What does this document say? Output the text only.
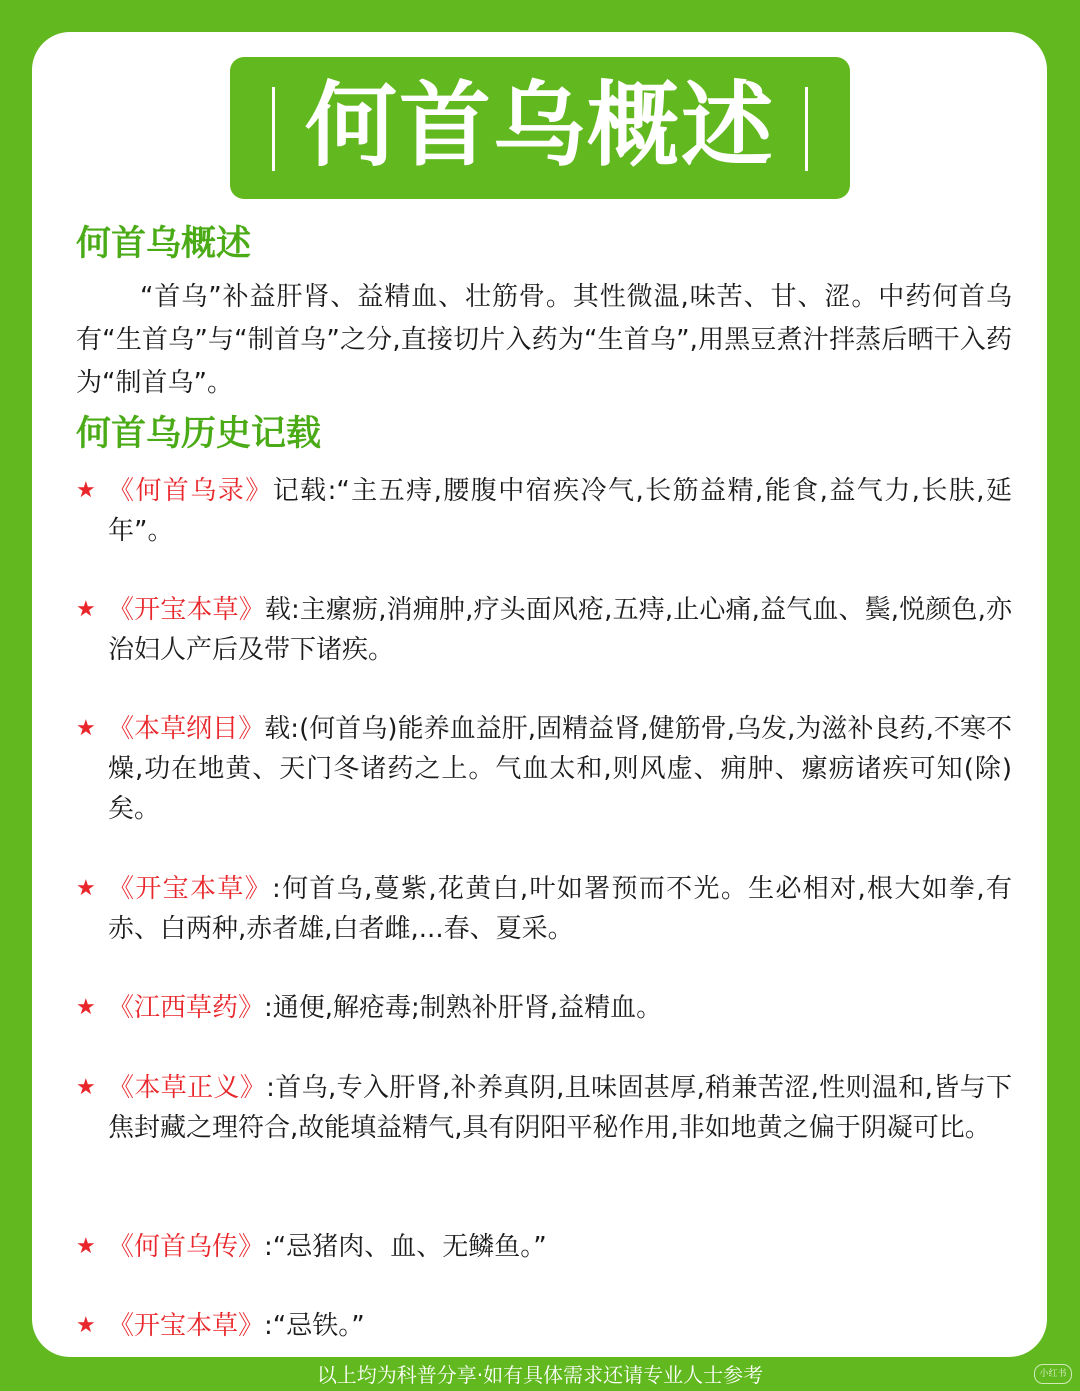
何首乌概述
何首乌概述
“首乌”补益肝肾、益精血、壮筋骨。其性微温,味苦、甘、涩。中药何首乌有“生首乌”与“制首乌”之分,直接切片入药为“生首乌”,用黑豆煮汁拌蒸后晒干入药为“制首乌”。
何首乌历史记载
★ 《何首乌录》记载:“主五痔,腰腹中宿疾冷气,长筋益精,能食,益气力,长肤,延年”。
★ 《开宝本草》载:主瘰疬,消痈肿,疗头面风疮,五痔,止心痛,益气血、鬓,悦颜色,亦治妇人产后及带下诸疾。
★ 《本草纲目》载:(何首乌)能养血益肝,固精益肾,健筋骨,乌发,为滋补良药,不寒不燥,功在地黄、天门冬诸药之上。气血太和,则风虚、痈肿、瘰疬诸疾可知(除)矣。
★ 《开宝本草》:何首乌,蔓紫,花黄白,叶如署预而不光。生必相对,根大如拳,有赤、白两种,赤者雄,白者雌,...春、夏采。
★ 《江西草药》:通便,解疮毒;制熟补肝肾,益精血。
★ 《本草正义》:首乌,专入肝肾,补养真阴,且味固甚厚,稍兼苦涩,性则温和,皆与下焦封藏之理符合,故能填益精气,具有阴阳平秘作用,非如地黄之偏于阴凝可比。
★ 《何首乌传》:“忌猪肉、血、无鳞鱼。”
★ 《开宝本草》:“忌铁。”
以上均为科普分享·如有具体需求还请专业人士参考	小红书
